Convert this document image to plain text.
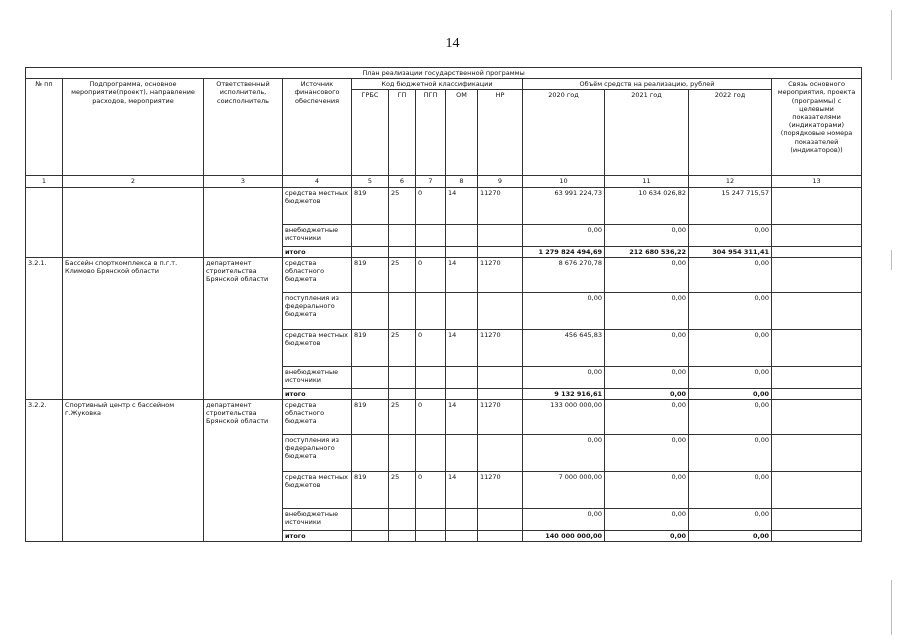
14
План реализации государственной программы												
№ пп	Подпрограмма, основное мероприятие(проект), направление расходов, мероприятие	Ответственный исполнитель, соисполнитель	Источник финансового обеспечения	Код бюджетной классификации					Объём средств на реализацию, рублей			Связь основного мероприятия, проекта (программы) с целевыми показателями (индикаторами) (порядковые номера показателей (индикаторов))
				ГРБС	ГП	ПГП	ОМ	НР	2020 год	2021 год	2022 год	
1	2	3	4	5	6	7	8	9	10	11	12	13
			средства местных бюджетов	819	25	0	14	11270	63 991 224,73	10 634 026,82	15 247 715,57	
			внебюджетные источники						0,00	0,00	0,00	
			итого						1 279 824 494,69	212 680 536,22	304 954 311,41	
3.2.1.	Бассейн спорткомплекса в п.г.т. Климово Брянской области	департамент строительства Брянской области	средства областного бюджета	819	25	0	14	11270	8 676 270,78	0,00	0,00	
			поступления из федерального бюджета						0,00	0,00	0,00	
			средства местных бюджетов	819	25	0	14	11270	456 645,83	0,00	0,00	
			внебюджетные источники						0,00	0,00	0,00	
			итого						9 132 916,61	0,00	0,00	
3.2.2.	Спортивный центр с бассейном г.Жуковка	департамент строительства Брянской области	средства областного бюджета	819	25	0	14	11270	133 000 000,00	0,00	0,00	
			поступления из федерального бюджета						0,00	0,00	0,00	
			средства местных бюджетов	819	25	0	14	11270	7 000 000,00	0,00	0,00	
			внебюджетные источники						0,00	0,00	0,00	
			итого						140 000 000,00	0,00	0,00	
